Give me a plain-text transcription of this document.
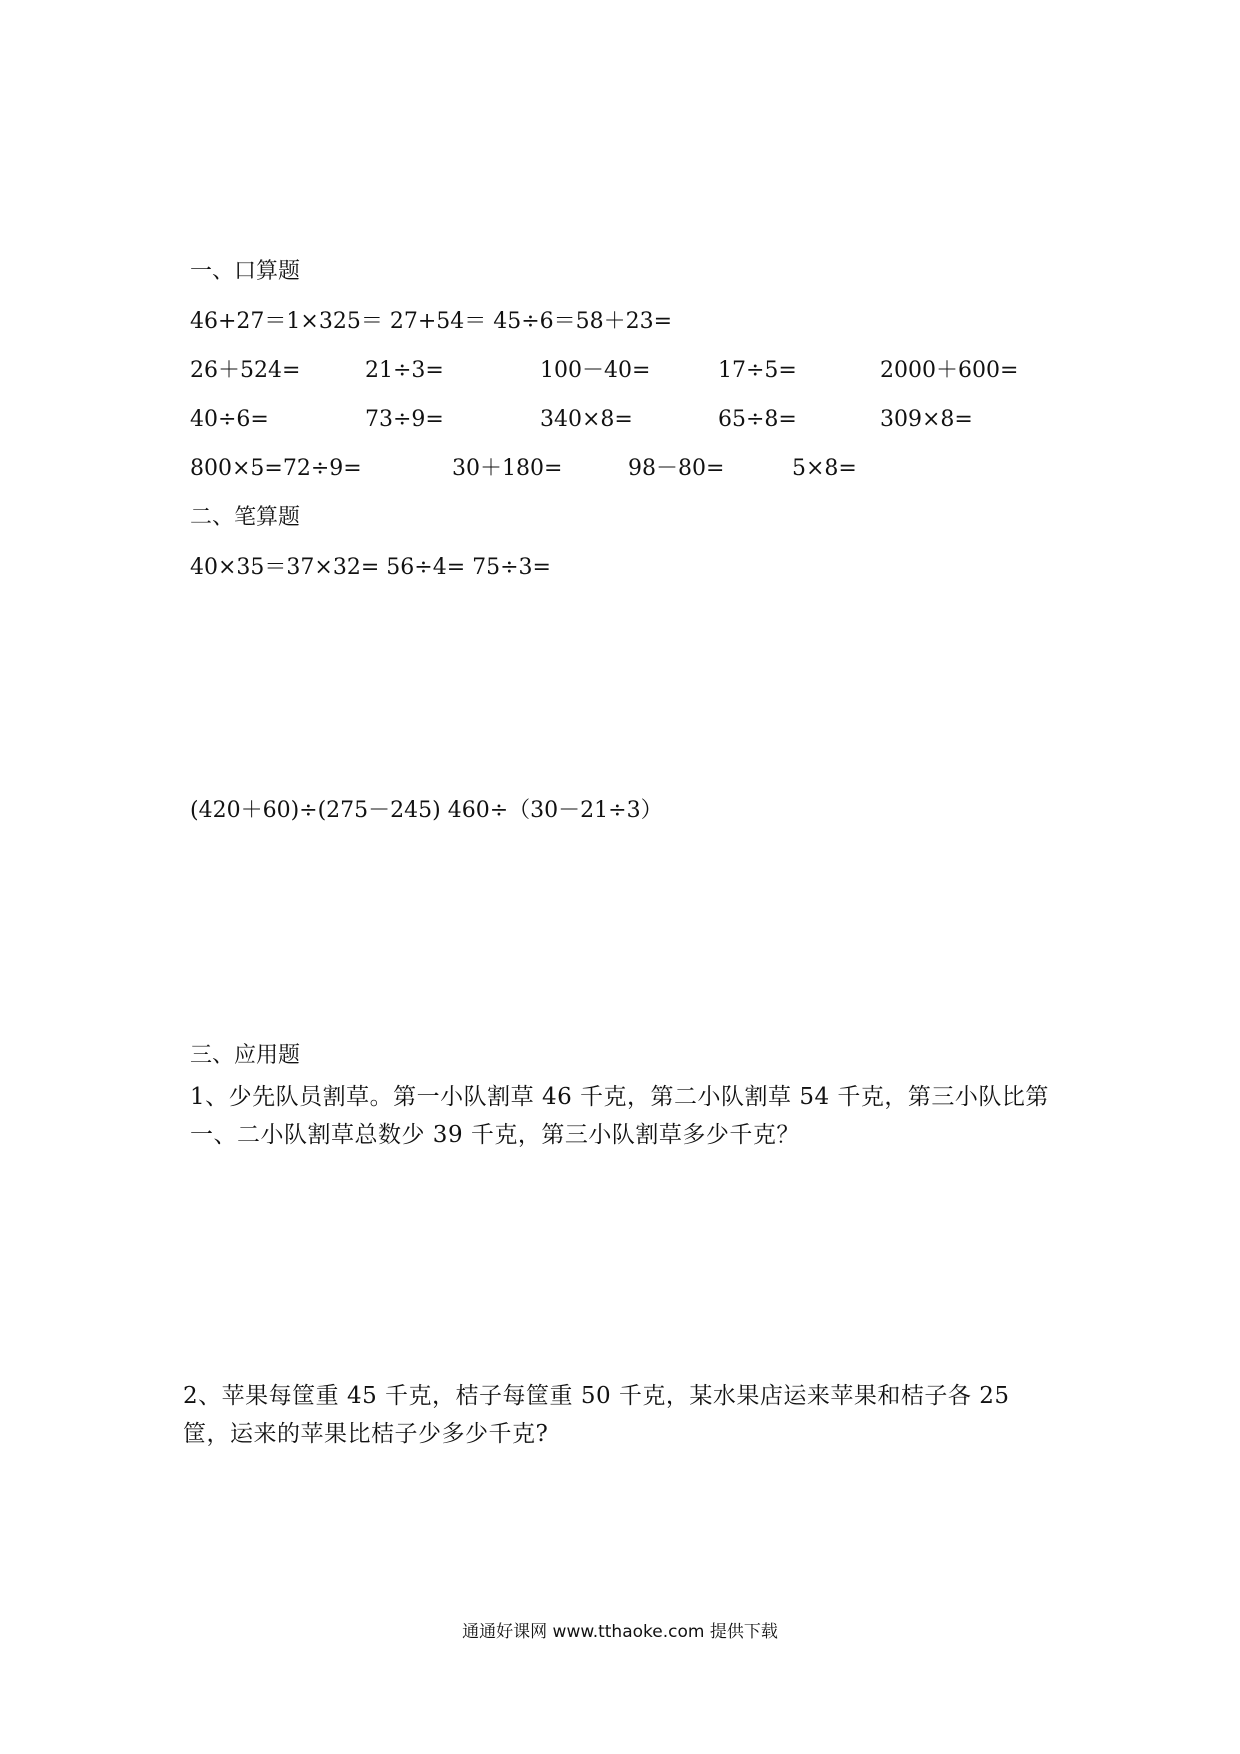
一、口算题
46+27＝1×325＝ 27+54＝ 45÷6＝58＋23=
26＋524=	21÷3=	100－40=	17÷5=	2000＋600=
40÷6=	73÷9=	340×8=	65÷8=	309×8=
800×5=72÷9=	30＋180=	98－80=	5×8=
二、笔算题
40×35＝37×32= 56÷4= 75÷3=
(420＋60)÷(275－245) 460÷（30－21÷3）
三、应用题
1、少先队员割草。第一小队割草 46 千克，第二小队割草 54 千克，第三小队比第一、二小队割草总数少 39 千克，第三小队割草多少千克？
2、苹果每筐重 45 千克，桔子每筐重 50 千克，某水果店运来苹果和桔子各 25 筐，运来的苹果比桔子少多少千克?
通通好课网 www.tthaoke.com 提供下载
